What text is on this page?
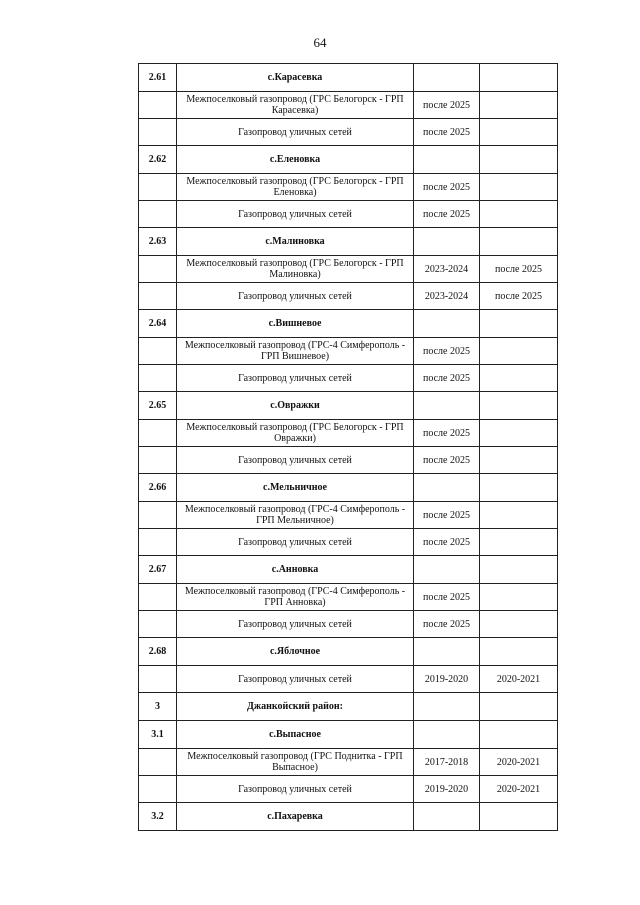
64
2.61	с.Карасевка		
	Межпоселковый газопровод (ГРС Белогорск - ГРП Карасевка)	после 2025	
	Газопровод уличных сетей	после 2025	
2.62	с.Еленовка		
	Межпоселковый газопровод (ГРС Белогорск - ГРП Еленовка)	после 2025	
	Газопровод уличных сетей	после 2025	
2.63	с.Малиновка		
	Межпоселковый газопровод (ГРС Белогорск - ГРП Малиновка)	2023-2024	после 2025
	Газопровод уличных сетей	2023-2024	после 2025
2.64	с.Вишневое		
	Межпоселковый газопровод (ГРС-4 Симферополь - ГРП Вишневое)	после 2025	
	Газопровод уличных сетей	после 2025	
2.65	с.Овражки		
	Межпоселковый газопровод (ГРС Белогорск - ГРП Овражки)	после 2025	
	Газопровод уличных сетей	после 2025	
2.66	с.Мельничное		
	Межпоселковый газопровод (ГРС-4 Симферополь - ГРП Мельничное)	после 2025	
	Газопровод уличных сетей	после 2025	
2.67	с.Анновка		
	Межпоселковый газопровод (ГРС-4 Симферополь - ГРП Анновка)	после 2025	
	Газопровод уличных сетей	после 2025	
2.68	с.Яблочное		
	Газопровод уличных сетей	2019-2020	2020-2021
3	Джанкойский район:		
3.1	с.Выпасное		
	Межпоселковый газопровод (ГРС Поднитка - ГРП Выпасное)	2017-2018	2020-2021
	Газопровод уличных сетей	2019-2020	2020-2021
3.2	с.Пахаревка		
